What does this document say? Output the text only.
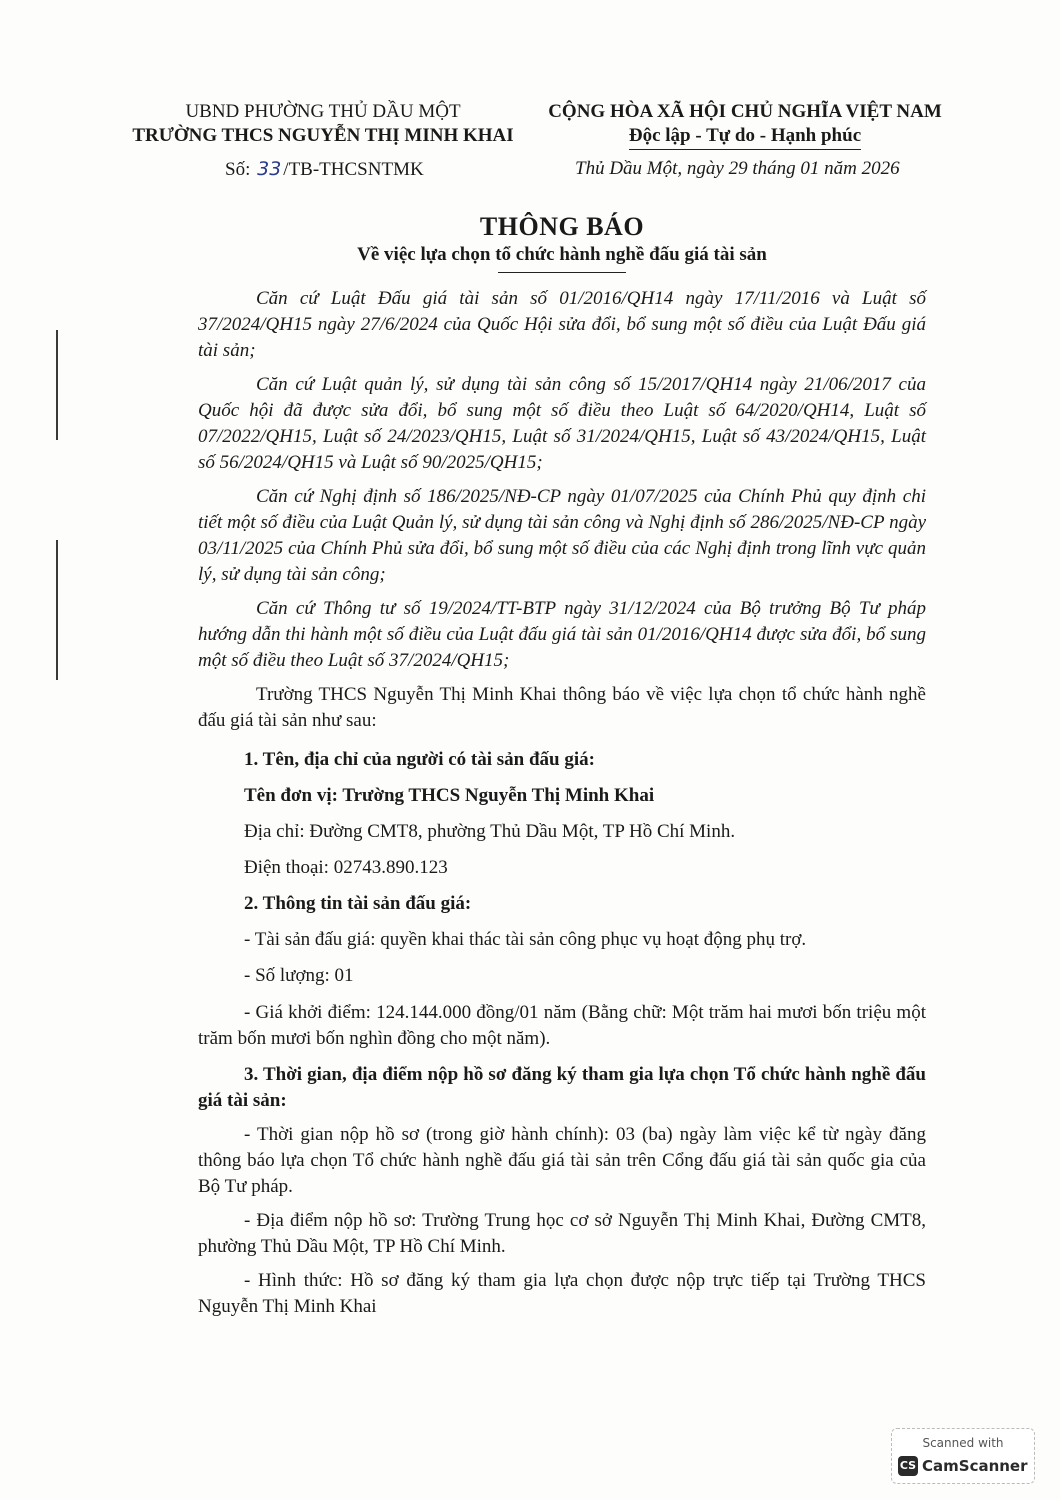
UBND PHƯỜNG THỦ DẦU MỘT
TRƯỜNG THCS NGUYỄN THỊ MINH KHAI
Số: 33 /TB-THCSNTMK
CỘNG HÒA XÃ HỘI CHỦ NGHĨA VIỆT NAM
Độc lập - Tự do - Hạnh phúc
Thủ Dầu Một, ngày 29 tháng 01 năm 2026
THÔNG BÁO
Về việc lựa chọn tổ chức hành nghề đấu giá tài sản

Căn cứ Luật Đấu giá tài sản số 01/2016/QH14 ngày 17/11/2016 và Luật số 37/2024/QH15 ngày 27/6/2024 của Quốc Hội sửa đổi, bổ sung một số điều của Luật Đấu giá tài sản;

Căn cứ Luật quản lý, sử dụng tài sản công số 15/2017/QH14 ngày 21/06/2017 của Quốc hội đã được sửa đổi, bổ sung một số điều theo Luật số 64/2020/QH14, Luật số 07/2022/QH15, Luật số 24/2023/QH15, Luật số 31/2024/QH15, Luật số 43/2024/QH15, Luật số 56/2024/QH15 và Luật số 90/2025/QH15;

Căn cứ Nghị định số 186/2025/NĐ-CP ngày 01/07/2025 của Chính Phủ quy định chi tiết một số điều của Luật Quản lý, sử dụng tài sản công và Nghị định số 286/2025/NĐ-CP ngày 03/11/2025 của Chính Phủ sửa đổi, bổ sung một số điều của các Nghị định trong lĩnh vực quản lý, sử dụng tài sản công;

Căn cứ Thông tư số 19/2024/TT-BTP ngày 31/12/2024 của Bộ trưởng Bộ Tư pháp hướng dẫn thi hành một số điều của Luật đấu giá tài sản 01/2016/QH14 được sửa đổi, bổ sung một số điều theo Luật số 37/2024/QH15;

Trường THCS Nguyễn Thị Minh Khai thông báo về việc lựa chọn tổ chức hành nghề đấu giá tài sản như sau:

1. Tên, địa chỉ của người có tài sản đấu giá:

Tên đơn vị: Trường THCS Nguyễn Thị Minh Khai

Địa chỉ: Đường CMT8, phường Thủ Dầu Một, TP Hồ Chí Minh.

Điện thoại: 02743.890.123

2. Thông tin tài sản đấu giá:

- Tài sản đấu giá: quyền khai thác tài sản công phục vụ hoạt động phụ trợ.

- Số lượng: 01

- Giá khởi điểm: 124.144.000 đồng/01 năm (Bằng chữ: Một trăm hai mươi bốn triệu một trăm bốn mươi bốn nghìn đồng cho một năm).

3. Thời gian, địa điểm nộp hồ sơ đăng ký tham gia lựa chọn Tổ chức hành nghề đấu giá tài sản:

- Thời gian nộp hồ sơ (trong giờ hành chính): 03 (ba) ngày làm việc kể từ ngày đăng thông báo lựa chọn Tổ chức hành nghề đấu giá tài sản trên Cổng đấu giá tài sản quốc gia của Bộ Tư pháp.

- Địa điểm nộp hồ sơ: Trường Trung học cơ sở Nguyễn Thị Minh Khai, Đường CMT8, phường Thủ Dầu Một, TP Hồ Chí Minh.

- Hình thức: Hồ sơ đăng ký tham gia lựa chọn được nộp trực tiếp tại Trường THCS Nguyễn Thị Minh Khai

Scanned with
CS CamScanner
